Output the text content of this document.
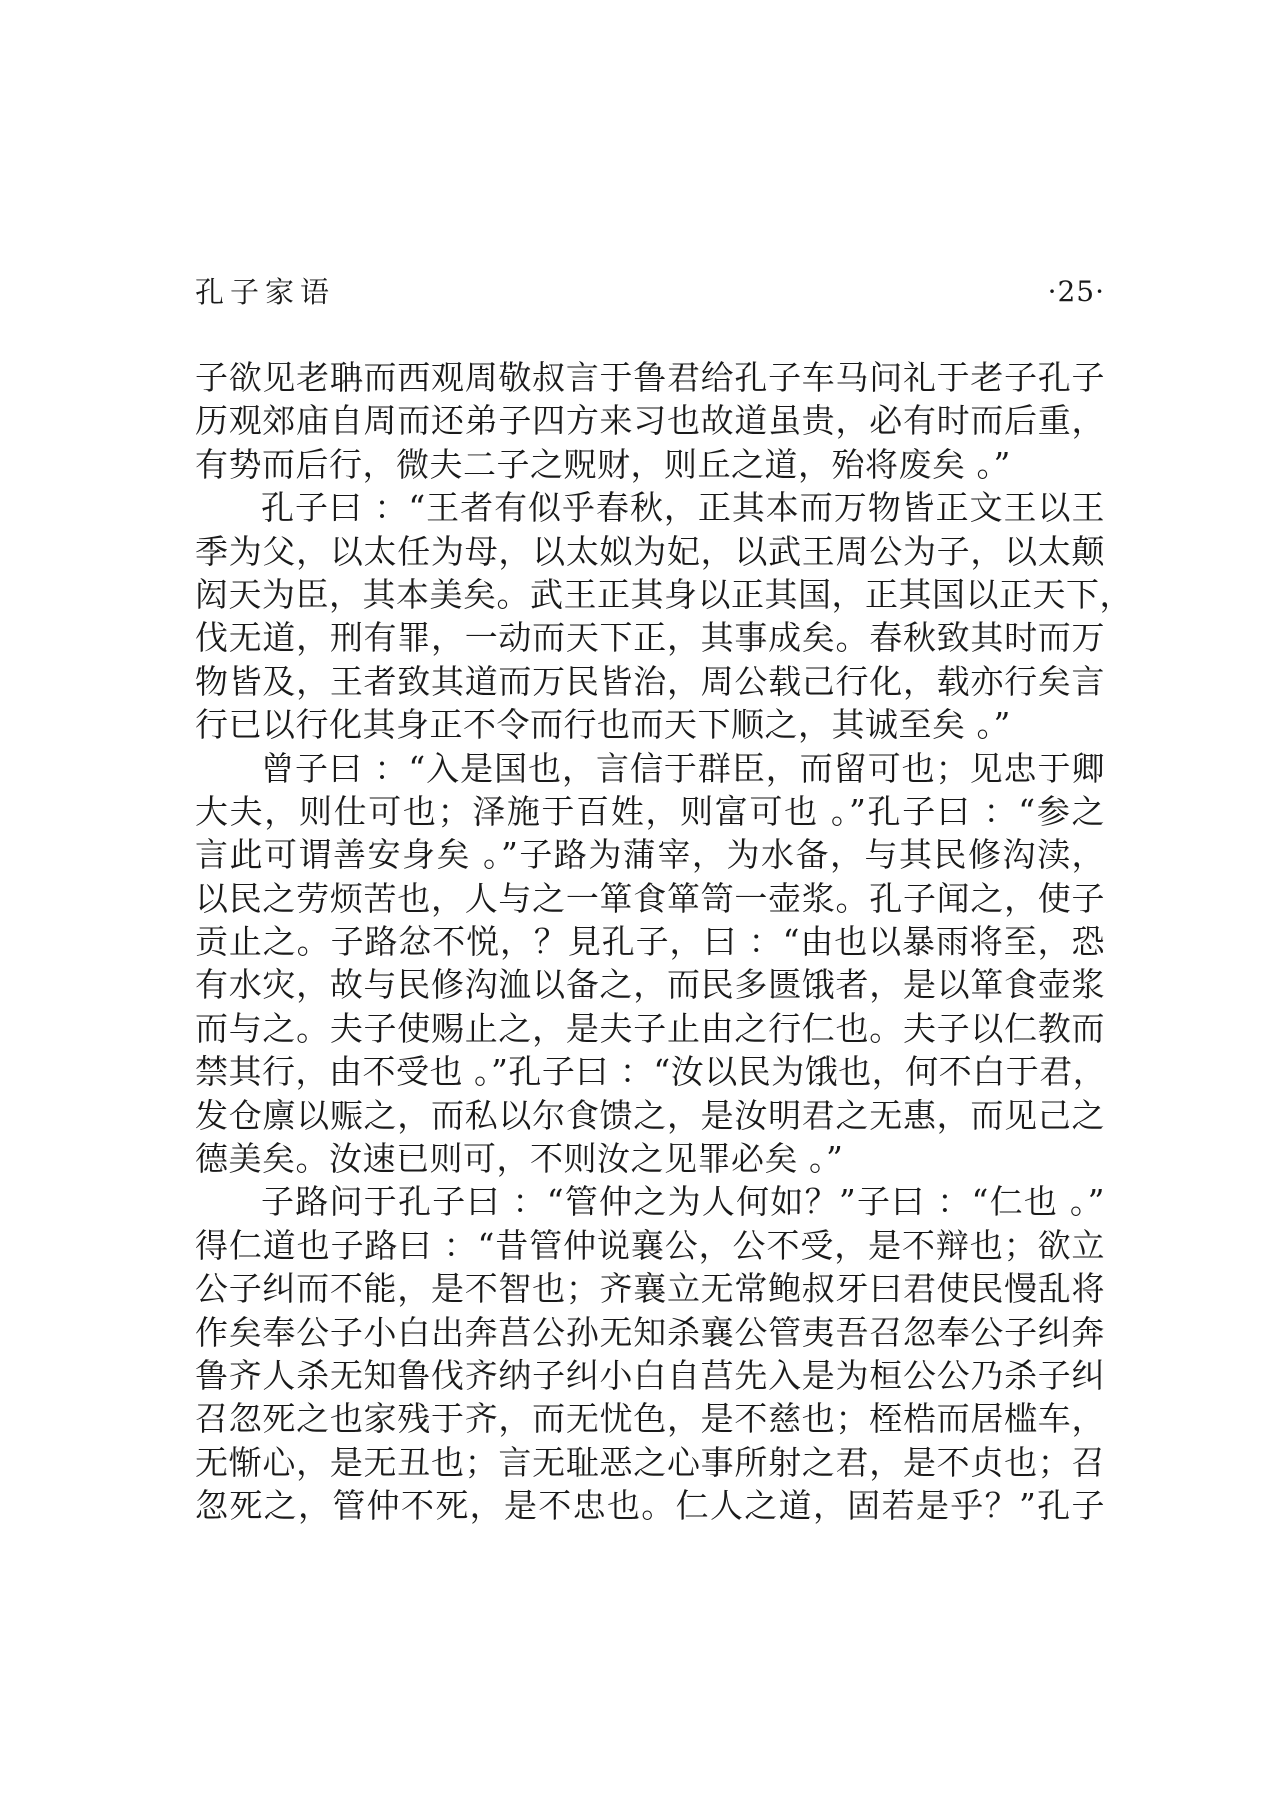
孔子家语	·25·
子欲见老聃而西观周敬叔言于鲁君给孔子车马问礼于老子孔子
历观郊庙自周而还弟子四方来习也故道虽贵，必有时而后重，
有势而后行，微夫二子之贶财，则丘之道，殆将废矣 。”
孔子曰 ：“王者有似乎春秋，正其本而万物皆正文王以王
季为父，以太任为母，以太姒为妃，以武王周公为子，以太颠
闳天为臣，其本美矣。武王正其身以正其国，正其国以正天下，
伐无道，刑有罪，一动而天下正，其事成矣。春秋致其时而万
物皆及，王者致其道而万民皆治，周公载己行化，载亦行矣言
行已以行化其身正不令而行也而天下顺之，其诚至矣 。”
曾子曰 ：“入是国也，言信于群臣，而留可也；见忠于卿
大夫，则仕可也；泽施于百姓，则富可也 。”孔子曰 ：“参之
言此可谓善安身矣 。”子路为蒲宰，为水备，与其民修沟渎，
以民之劳烦苦也，人与之一箪食箪笥一壶浆。孔子闻之，使子
贡止之。子路忿不悦，？見孔子，曰 ：“由也以暴雨将至，恐
有水灾，故与民修沟洫以备之，而民多匮饿者，是以箪食壶浆
而与之。夫子使赐止之，是夫子止由之行仁也。夫子以仁教而
禁其行，由不受也 。”孔子曰 ：“汝以民为饿也，何不白于君，
发仓廪以赈之，而私以尔食馈之，是汝明君之无惠，而见己之
德美矣。汝速已则可，不则汝之见罪必矣 。”
子路问于孔子曰 ：“管仲之为人何如？”子曰 ：“仁也 。”
得仁道也子路曰 ：“昔管仲说襄公，公不受，是不辩也；欲立
公子纠而不能，是不智也；齐襄立无常鲍叔牙曰君使民慢乱将
作矣奉公子小白出奔莒公孙无知杀襄公管夷吾召忽奉公子纠奔
鲁齐人杀无知鲁伐齐纳子纠小白自莒先入是为桓公公乃杀子纠
召忽死之也家残于齐，而无忧色，是不慈也；桎梏而居槛车，
无惭心，是无丑也；言无耻恶之心事所射之君，是不贞也；召
忽死之，管仲不死，是不忠也。仁人之道，固若是乎？”孔子
